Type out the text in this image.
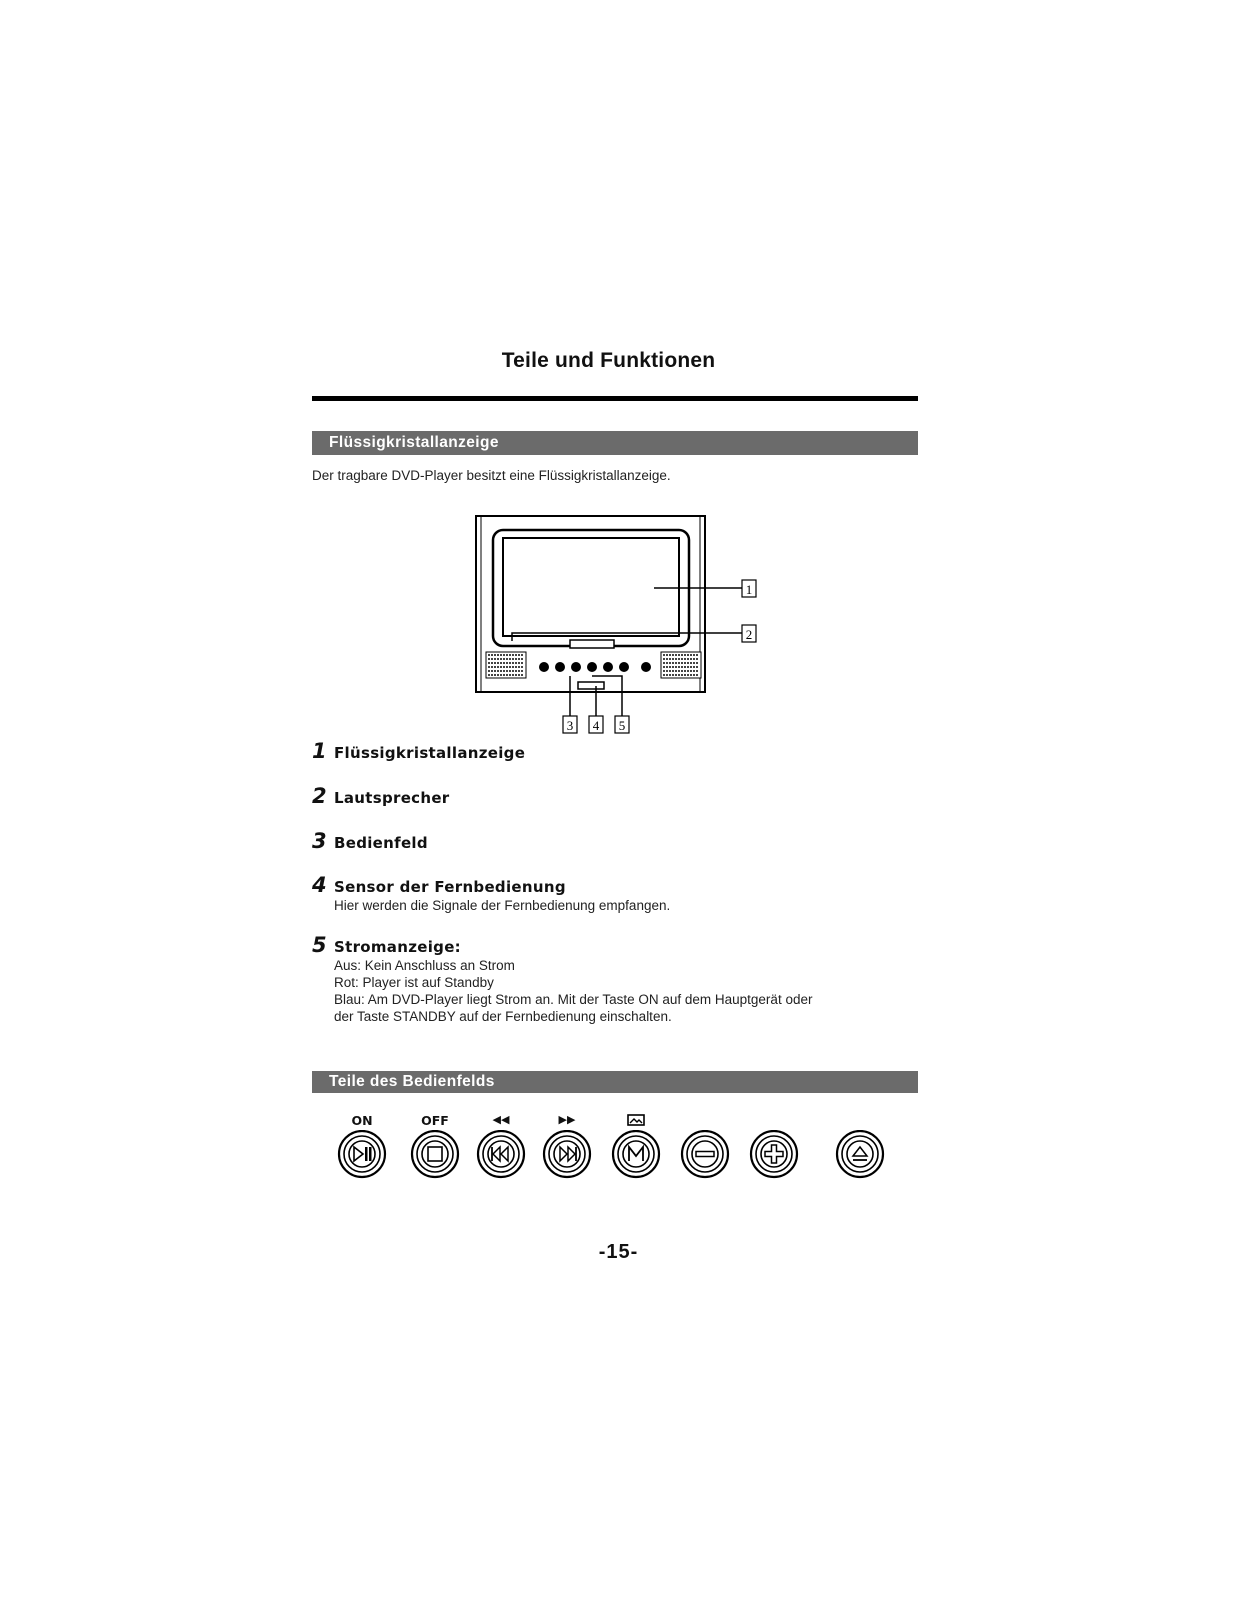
Teile und Funktionen
Flüssigkristallanzeige
Der tragbare DVD-Player besitzt eine Flüssigkristallanzeige.
1
2
3 4 5
1 Flüssigkristallanzeige
2 Lautsprecher
3 Bedienfeld
4 Sensor der Fernbedienung
Hier werden die Signale der Fernbedienung empfangen.
5 Stromanzeige:
Aus: Kein Anschluss an Strom
Rot: Player ist auf Standby
Blau: Am DVD-Player liegt Strom an. Mit der Taste ON auf dem Hauptgerät oder
der Taste STANDBY auf der Fernbedienung einschalten.
Teile des Bedienfelds
ON	OFF	◀◀	▶▶
-15-
